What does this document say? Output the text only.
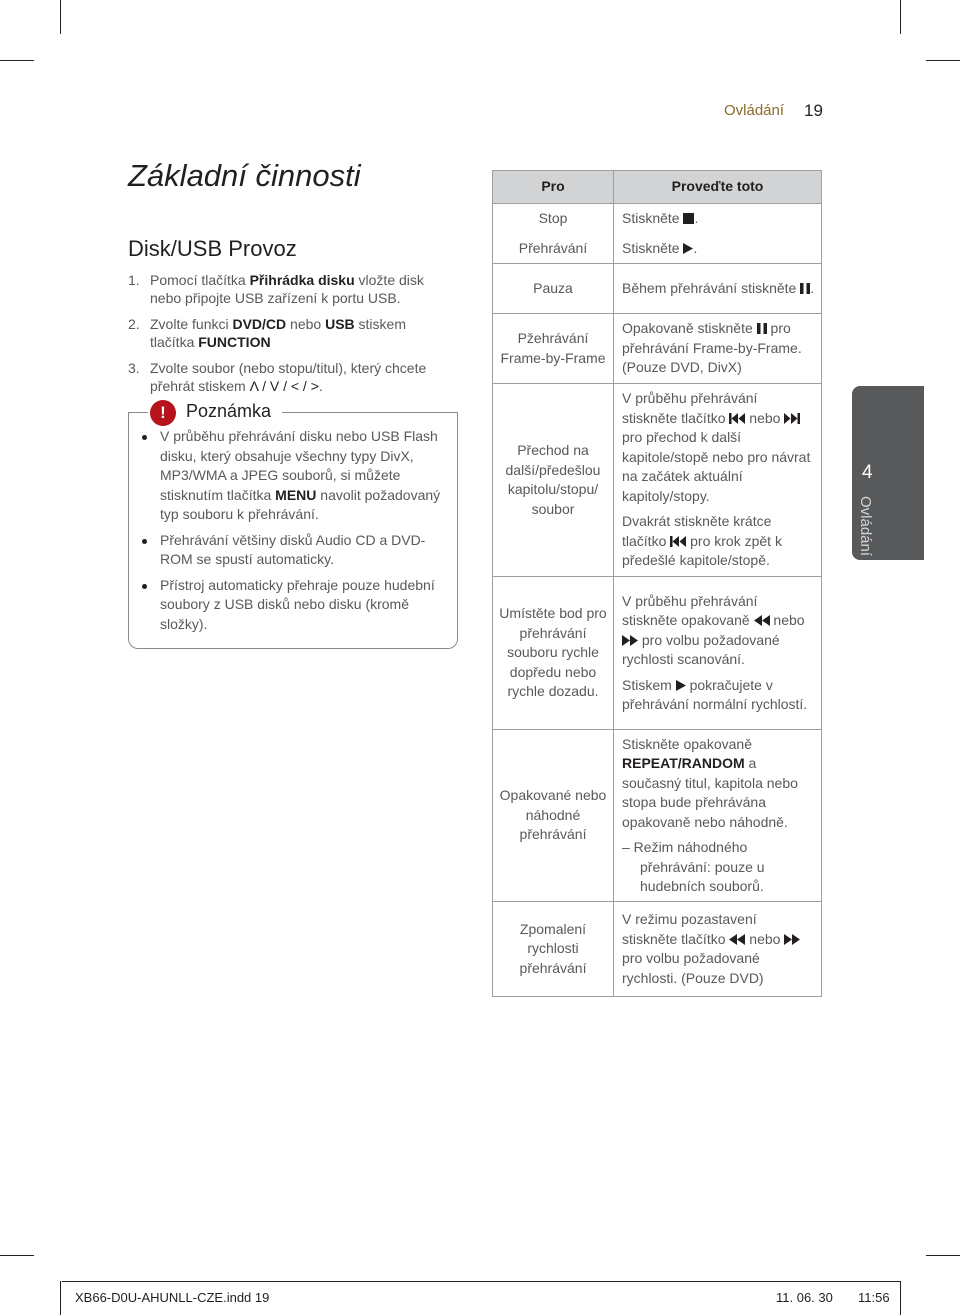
Ovládání 19
Základní činnosti
Disk/USB Provoz
1. Pomocí tlačítka Přihrádka disku vložte disk nebo připojte USB zařízení k portu USB.
2. Zvolte funkci DVD/CD nebo USB stiskem tlačítka FUNCTION
3. Zvolte soubor (nebo stopu/titul), který chcete přehrát stiskem Λ / V / < / >.
!	Poznámka
V průběhu přehrávání disku nebo USB Flash disku, který obsahuje všechny typy DivX, MP3/WMA a JPEG souborů, si můžete stisknutím tlačítka MENU navolit požadovaný typ souboru k přehrávání.
Přehrávání většiny disků Audio CD a DVD-ROM se spustí automaticky.
Přístroj automaticky přehraje pouze hudební soubory z USB disků nebo disku (kromě složky).
Pro	Proveďte toto
Stop	Stiskněte .
Přehrávání	Stiskněte .
Pauza	Během přehrávání stiskněte .
Pžehrávání
Frame-by-Frame	Opakovaně stiskněte  pro přehrávání Frame-by-Frame. (Pouze DVD, DivX)
Přechod na další/předešlou kapitolu/stopu/ soubor	V průběhu přehrávání stiskněte tlačítko  nebo  pro přechod k další kapitole/stopě nebo pro návrat na začátek aktuální kapitoly/stopy.
Dvakrát stiskněte krátce tlačítko  pro krok zpět k předešlé kapitole/stopě.

Umístěte bod pro přehrávání souboru rychle dopředu nebo rychle dozadu.	V průběhu přehrávání stiskněte opakovaně  nebo  pro volbu požadované rychlosti scanování.
Stiskem  pokračujete v přehrávání normální rychlostí.

Opakované nebo náhodné přehrávání	Stiskněte opakovaně REPEAT/RANDOM a současný titul, kapitola nebo stopa bude přehrávána opakovaně nebo náhodně.
– Režim náhodného přehrávání: pouze u hudebních souborů.

Zpomalení rychlosti přehrávání	V režimu pozastavení stiskněte tlačítko  nebo  pro volbu požadované rychlosti. (Pouze DVD)
4
Ovládání
XB66-D0U-AHUNLL-CZE.indd 19	11. 06. 30 11:56
